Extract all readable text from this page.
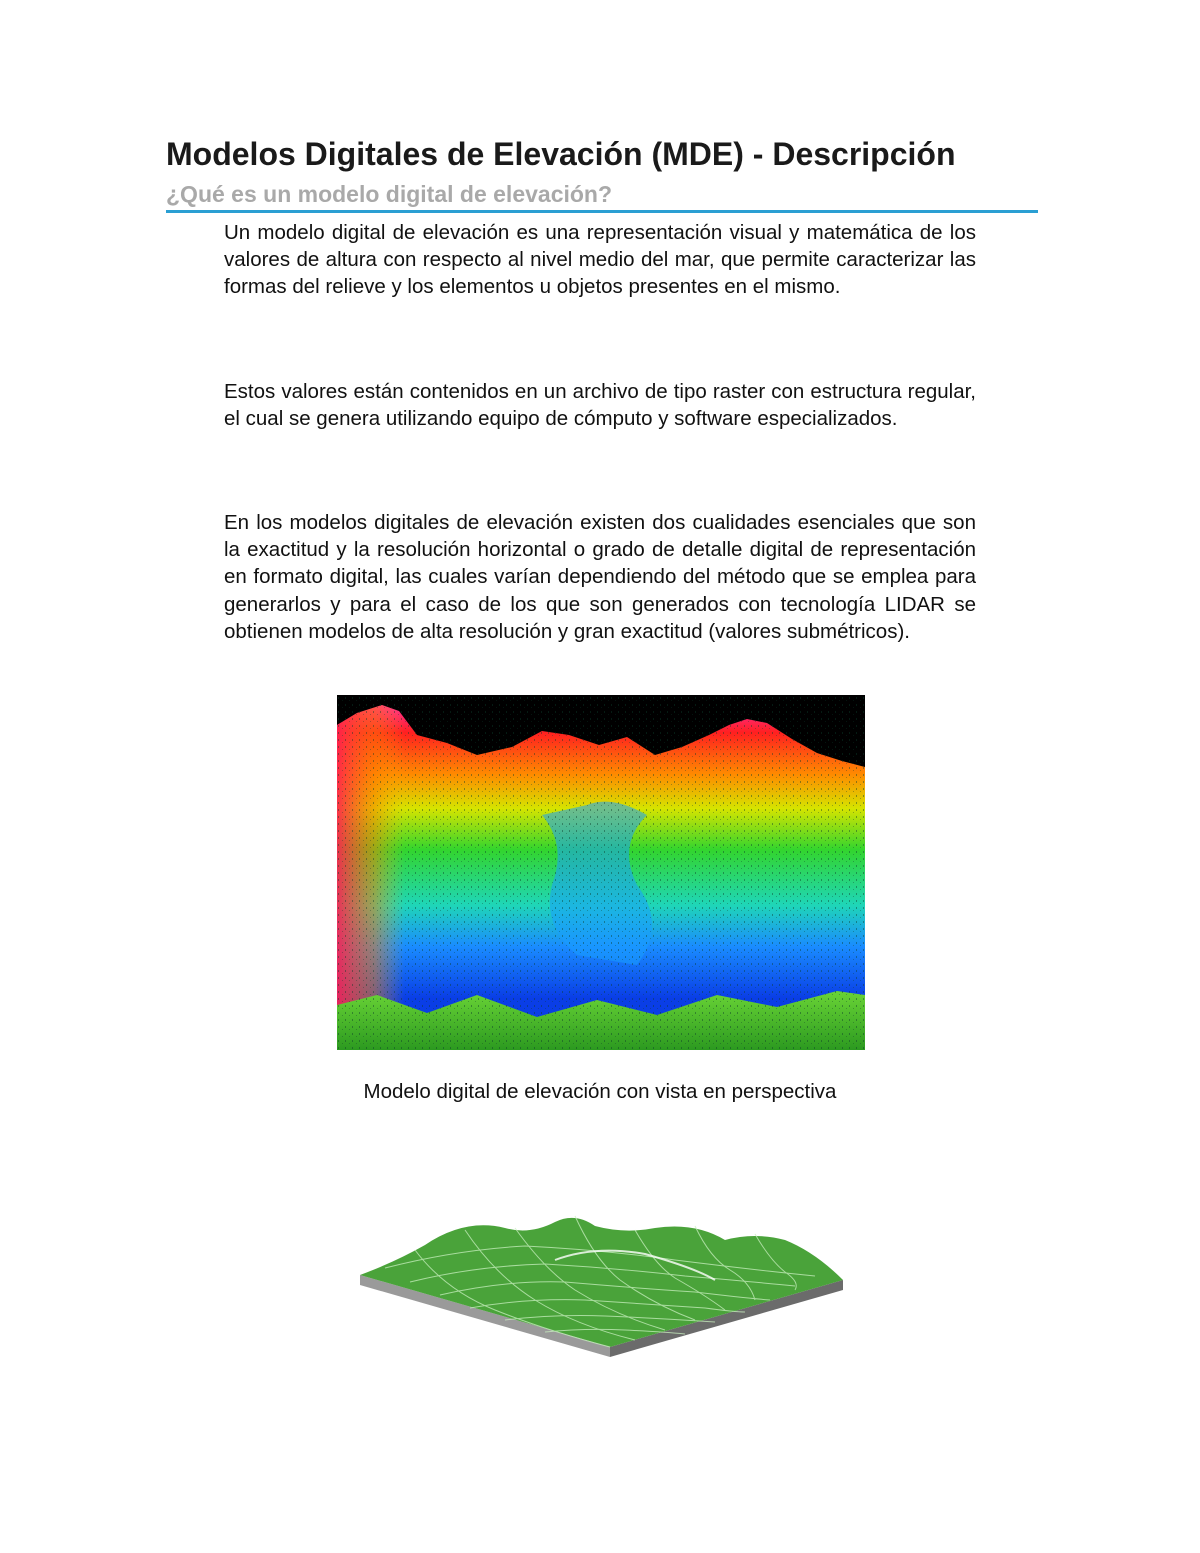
Modelos Digitales de Elevación (MDE) - Descripción
¿Qué es un modelo digital de elevación?

Un modelo digital de elevación es una representación visual y matemática de los valores de altura con respecto al nivel medio del mar, que permite caracterizar las formas del relieve y los elementos u objetos presentes en el mismo.

Estos valores están contenidos en un archivo de tipo raster con estructura regular, el cual se genera utilizando equipo de cómputo y software especializados.

En los modelos digitales de elevación existen dos cualidades esenciales que son la exactitud y la resolución horizontal o grado de detalle digital de representación en formato digital, las cuales varían dependiendo del método que se emplea para generarlos y para el caso de los que son generados con tecnología LIDAR se obtienen modelos de alta resolución y gran exactitud (valores submétricos).

Modelo digital de elevación con vista en perspectiva
